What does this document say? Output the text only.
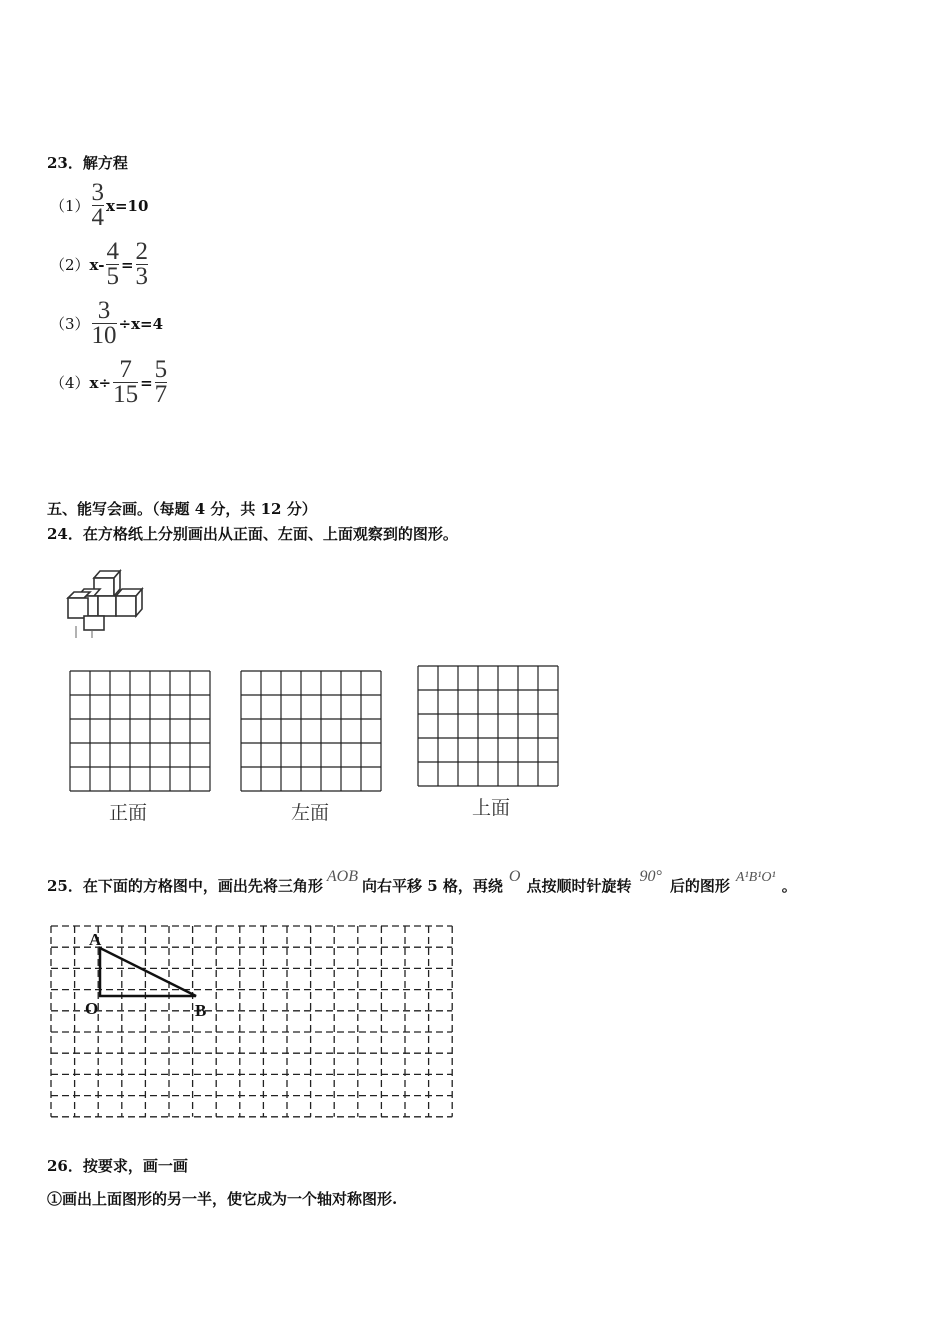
23．解方程
$(1) \frac{3}{4} x=10$
（2） $x- \frac{4}{5} = \frac{2}{3}$
$(3) \frac{3}{10} \div x=4$
（4） $x\div \frac{7}{15} = \frac{5}{7}$
五、能写会画。（每题 4 分，共 12 分）
24．在方格纸上分别画出从正面、左面、上面观察到的图形。
正面	左面	上面
25．在下面的方格图中，画出先将三角形
AOB
向右平移 5 格，再绕
O
点按顺时针旋转
90°
后的图形 A¹B¹O¹ 。
A
O	B
26．按要求，画一画
①画出上面图形的另一半，使它成为一个轴对称图形.
